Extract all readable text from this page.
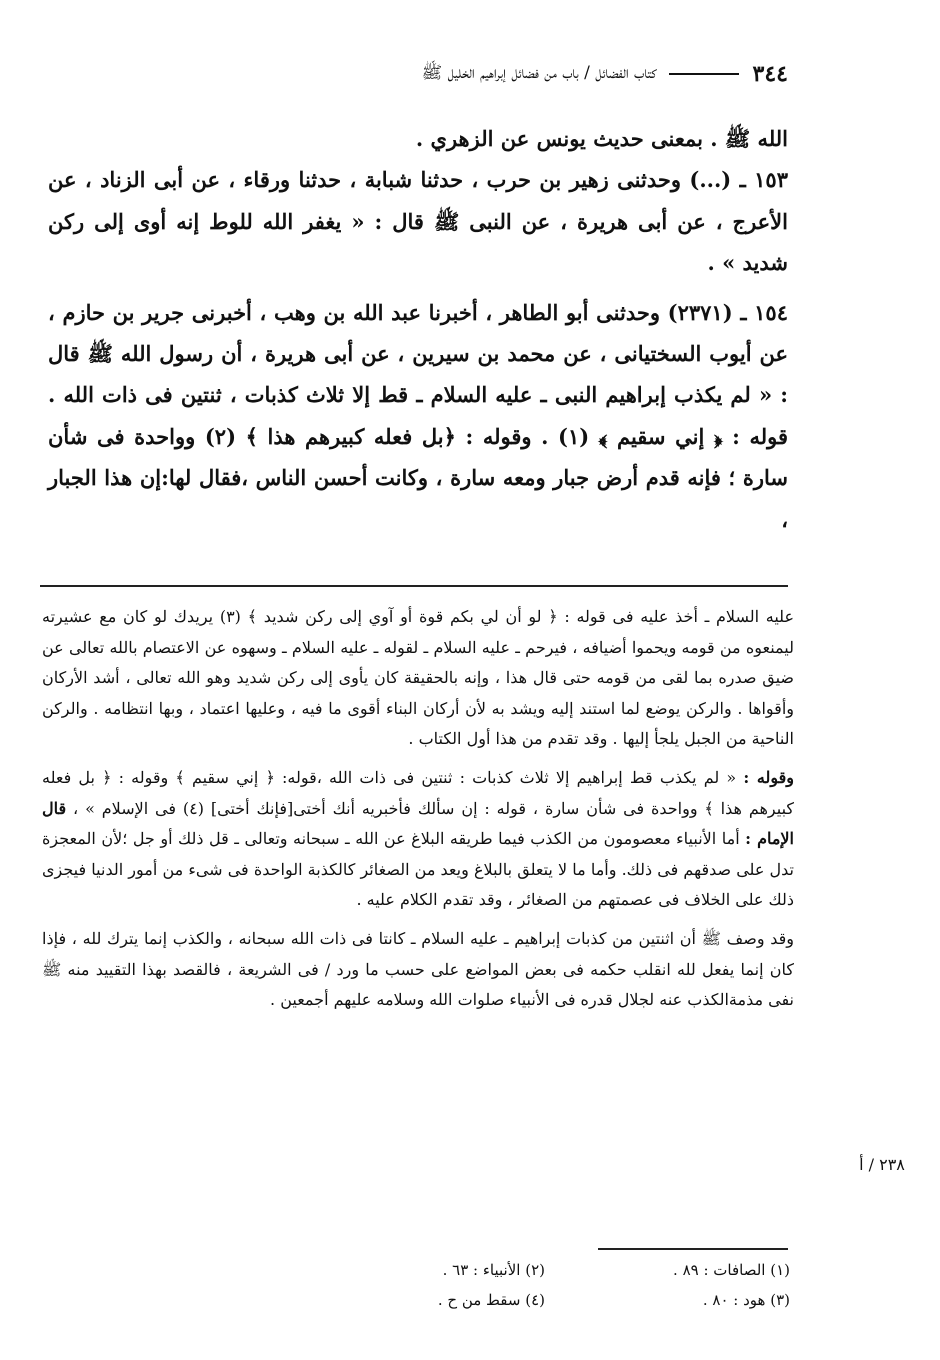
٣٤٤
كتاب الفضائل / باب من فضائل إبراهيم الخليل ﷺ

الله ﷺ . بمعنى حديث يونس عن الزهري .

١٥٣ ـ (...) وحدثنى زهير بن حرب ، حدثنا شبابة ، حدثنا ورقاء ، عن أبى الزناد ، عن الأعرج ، عن أبى هريرة ، عن النبى ﷺ قال : « يغفر الله للوط إنه أوى إلى ركن شديد » .

١٥٤ ـ (٢٣٧١) وحدثنى أبو الطاهر ، أخبرنا عبد الله بن وهب ، أخبرنى جرير بن حازم ، عن أيوب السختيانى ، عن محمد بن سيرين ، عن أبى هريرة ، أن رسول الله ﷺ قال : « لم يكذب إبراهيم النبى ـ عليه السلام ـ قط إلا ثلاث كذبات ، ثنتين فى ذات الله . قوله : ﴿ إني سقيم ﴾ (١) . وقوله : ﴿بل فعله كبيرهم هذا ﴾ (٢) وواحدة فى شأن سارة ؛ فإنه قدم أرض جبار ومعه سارة ، وكانت أحسن الناس ،فقال لها:إن هذا الجبار ،

عليه السلام ـ أخذ عليه فى قوله : ﴿ لو أن لي بكم قوة أو آوي إلى ركن شديد ﴾ (٣) يريدك لو كان مع عشيرته ليمنعوه من قومه ويحموا أضيافه ، فيرحم ـ عليه السلام ـ لقوله ـ عليه السلام ـ وسهوه عن الاعتصام بالله تعالى عن ضيق صدره بما لقى من قومه حتى قال هذا ، وإنه بالحقيقة كان يأوى إلى ركن شديد وهو الله تعالى ، أشد الأركان وأقواها . والركن يوضع لما استند إليه ويشد به لأن أركان البناء أقوى ما فيه ، وعليها اعتماد ، وبها انتظامه . والركن الناحية من الجبل يلجأ إليها . وقد تقدم من هذا أول الكتاب .

وقوله : « لم يكذب قط إبراهيم إلا ثلاث كذبات : ثنتين فى ذات الله ،قوله: ﴿ إني سقيم ﴾ وقوله : ﴿ بل فعله كبيرهم هذا ﴾ وواحدة فى شأن سارة ، قوله : إن سألك فأخبريه أنك أختى[فإنك أختى] (٤) فى الإسلام » ، قال الإمام : أما الأنبياء معصومون من الكذب فيما طريقه البلاغ عن الله ـ سبحانه وتعالى ـ قل ذلك أو جل ؛لأن المعجزة تدل على صدقهم فى ذلك. وأما ما لا يتعلق بالبلاغ ويعد من الصغائر كالكذبة الواحدة فى شىء من أمور الدنيا فيجزى ذلك على الخلاف فى عصمتهم من الصغائر ، وقد تقدم الكلام عليه .

وقد وصف ﷺ أن اثنتين من كذبات إبراهيم ـ عليه السلام ـ كانتا فى ذات الله سبحانه ، والكذب إنما يترك لله ، فإذا كان إنما يفعل لله انقلب حكمه فى بعض المواضع على حسب ما ورد / فى الشريعة ، فالقصد بهذا التقييد منه ﷺ نفى مذمةالكذب عنه لجلال قدره فى الأنبياء صلوات الله وسلامه عليهم أجمعين .

٢٣٨ / أ
(١) الصافات : ٨٩ .
(٢) الأنبياء : ٦٣ .
(٣) هود : ٨٠ .
(٤) سقط من ح .
